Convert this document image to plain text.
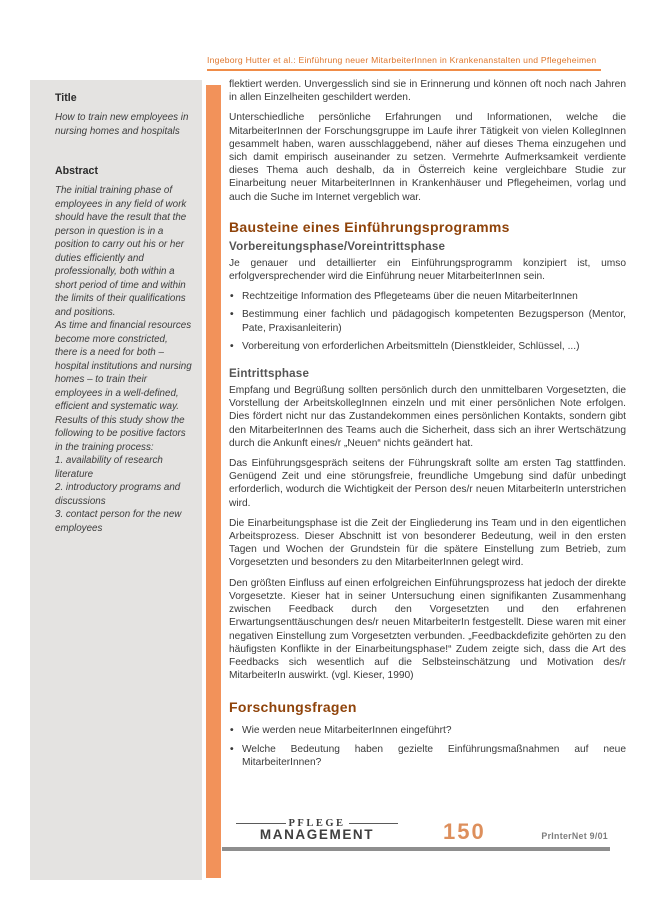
Ingeborg Hutter et al.: Einführung neuer MitarbeiterInnen in Krankenanstalten und Pflegeheimen
Title
How to train new employees in nursing homes and hospitals
Abstract

The initial training phase of employees in any field of work should have the result that the person in question is in a position to carry out his or her duties efficiently and professionally, both within a short period of time and within the limits of their qualifications and positions.

As time and financial resources become more constricted, there is a need for both – hospital institutions and nursing homes – to train their employees in a well-defined, efficient and systematic way.

Results of this study show the following to be positive factors in the training process:

1. availability of research literature

2. introductory programs and discussions

3. contact person for the new employees

flektiert werden. Unvergesslich sind sie in Erinnerung und können oft noch nach Jahren in allen Einzelheiten geschildert werden.

Unterschiedliche persönliche Erfahrungen und Informationen, welche die MitarbeiterInnen der Forschungsgruppe im Laufe ihrer Tätigkeit von vielen KollegInnen gesammelt haben, waren ausschlaggebend, näher auf dieses Thema einzugehen und sich damit empirisch auseinander zu setzen. Vermehrte Aufmerksamkeit verdiente dieses Thema auch deshalb, da in Österreich keine vergleichbare Studie zur Einarbeitung neuer MitarbeiterInnen in Krankenhäuser und Pflegeheimen, vorlag und auch die Suche im Internet vergeblich war.

Bausteine eines Einführungsprogramms
Vorbereitungsphase/Voreintrittsphase

Je genauer und detaillierter ein Einführungsprogramm konzipiert ist, umso erfolgversprechender wird die Einführung neuer MitarbeiterInnen sein.

• Rechtzeitige Information des Pflegeteams über die neuen MitarbeiterInnen
• Bestimmung einer fachlich und pädagogisch kompetenten Bezugsperson (Mentor, Pate, Praxisanleiterin)
• Vorbereitung von erforderlichen Arbeitsmitteln (Dienstkleider, Schlüssel, ...)
Eintrittsphase

Empfang und Begrüßung sollten persönlich durch den unmittelbaren Vorgesetzten, die Vorstellung der ArbeitskollegInnen einzeln und mit einer persönlichen Note erfolgen. Dies fördert nicht nur das Zustandekommen eines persönlichen Kontakts, sondern gibt den MitarbeiterInnen des Teams auch die Sicherheit, dass sich an ihrer Wertschätzung durch die Ankunft eines/r „Neuen“ nichts geändert hat.

Das Einführungsgespräch seitens der Führungskraft sollte am ersten Tag stattfinden. Genügend Zeit und eine störungsfreie, freundliche Umgebung sind dafür unbedingt erforderlich, wodurch die Wichtigkeit der Person des/r neuen MitarbeiterIn unterstrichen wird.

Die Einarbeitungsphase ist die Zeit der Eingliederung ins Team und in den eigentlichen Arbeitsprozess. Dieser Abschnitt ist von besonderer Bedeutung, weil in den ersten Tagen und Wochen der Grundstein für die spätere Einstellung zum Betrieb, zum Vorgesetzten und besonders zu den MitarbeiterInnen gelegt wird.

Den größten Einfluss auf einen erfolgreichen Einführungsprozess hat jedoch der direkte Vorgesetzte. Kieser hat in seiner Untersuchung einen signifikanten Zusammenhang zwischen Feedback durch den Vorgesetzten und den erfahrenen Erwartungsenttäuschungen des/r neuen MitarbeiterIn festgestellt. Diese waren mit einer negativen Einstellung zum Vorgesetzten verbunden. „Feedbackdefizite gehörten zu den häufigsten Konflikte in der Einarbeitungsphase!“ Zudem zeigte sich, dass die Art des Feedbacks sich wesentlich auf die Selbsteinschätzung und Motivation des/r MitarbeiterIn auswirkt. (vgl. Kieser, 1990)

Forschungsfragen
• Wie werden neue MitarbeiterInnen eingeführt?
• Welche Bedeutung haben gezielte Einführungsmaßnahmen auf neue MitarbeiterInnen?
PFLEGE
MANAGEMENT	150	PrInterNet 9/01
